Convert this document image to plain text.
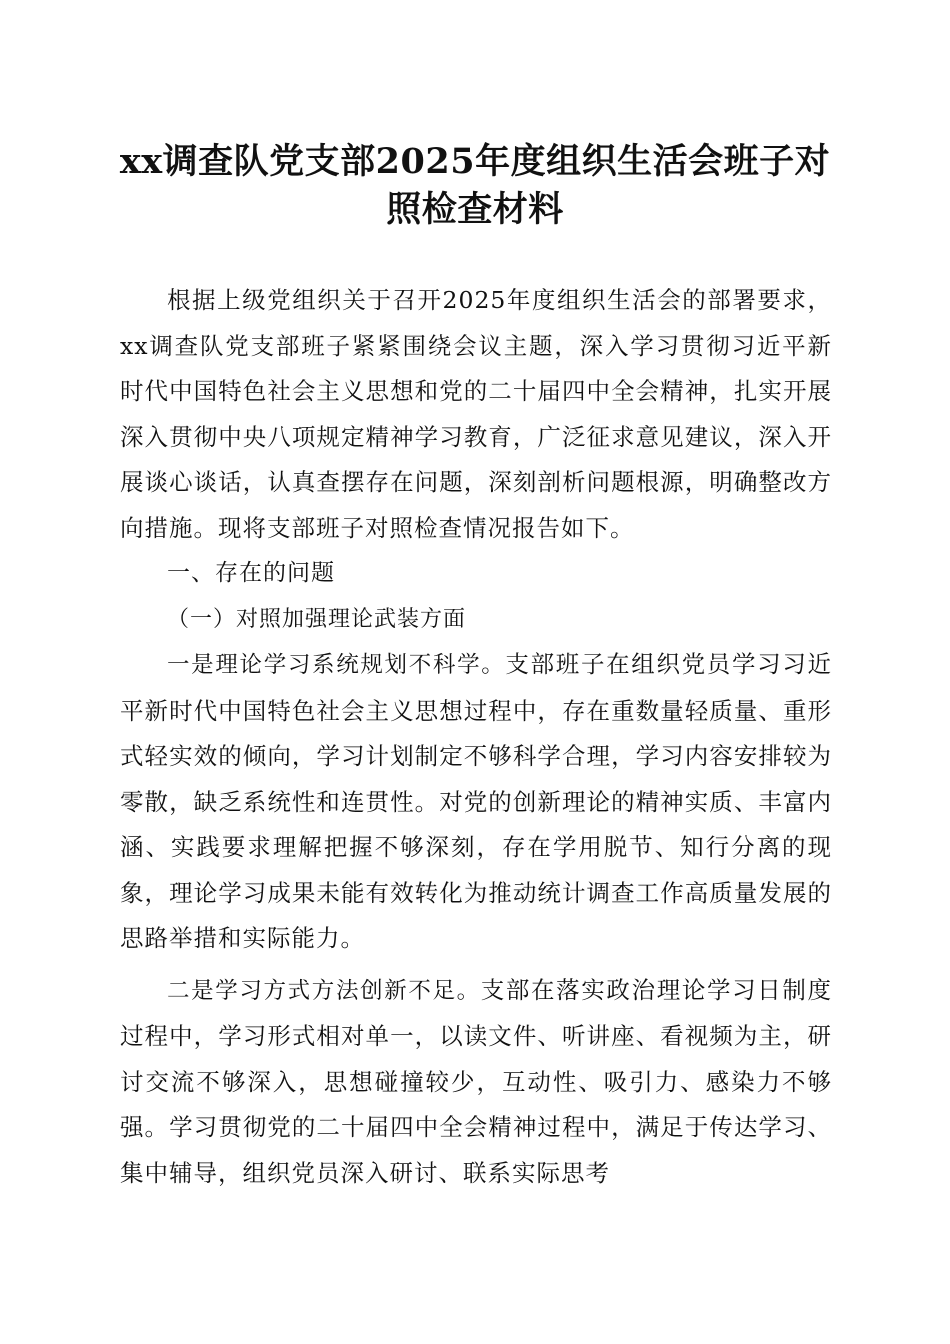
xx调查队党支部2025年度组织生活会班子对照检查材料

根据上级党组织关于召开2025年度组织生活会的部署要求，xx调查队党支部班子紧紧围绕会议主题，深入学习贯彻习近平新时代中国特色社会主义思想和党的二十届四中全会精神，扎实开展深入贯彻中央八项规定精神学习教育，广泛征求意见建议，深入开展谈心谈话，认真查摆存在问题，深刻剖析问题根源，明确整改方向措施。现将支部班子对照检查情况报告如下。

一、存在的问题

（一）对照加强理论武装方面

一是理论学习系统规划不科学。支部班子在组织党员学习习近平新时代中国特色社会主义思想过程中，存在重数量轻质量、重形式轻实效的倾向，学习计划制定不够科学合理，学习内容安排较为零散，缺乏系统性和连贯性。对党的创新理论的精神实质、丰富内涵、实践要求理解把握不够深刻，存在学用脱节、知行分离的现象，理论学习成果未能有效转化为推动统计调查工作高质量发展的思路举措和实际能力。

二是学习方式方法创新不足。支部在落实政治理论学习日制度过程中，学习形式相对单一，以读文件、听讲座、看视频为主，研讨交流不够深入，思想碰撞较少，互动性、吸引力、感染力不够强。学习贯彻党的二十届四中全会精神过程中，满足于传达学习、集中辅导，组织党员深入研讨、联系实际思考
